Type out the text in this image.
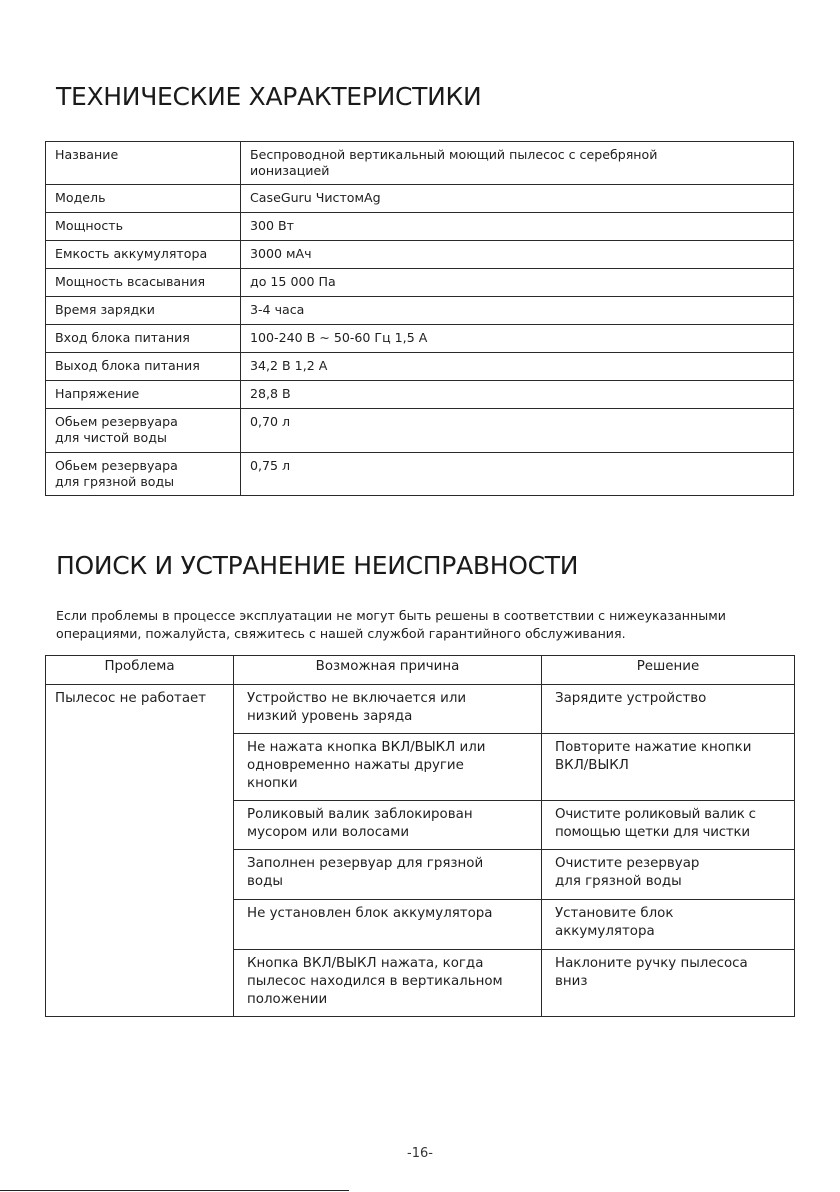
ТЕХНИЧЕСКИЕ ХАРАКТЕРИСТИКИ
Название	Беспроводной вертикальный моющий пылесос с серебряной ионизацией

Модель	CaseGuru ЧистомAg
Мощность	300 Вт
Емкость аккумулятора	3000 мАч
Мощность всасывания	до 15 000 Па
Время зарядки	3-4 часа
Вход блока питания	100-240 В ∼ 50-60 Гц 1,5 А
Выход блока питания	34,2 В 1,2 А
Напряжение	28,8 В

Обьем резервуара для чистой воды	0,70 л

Обьем резервуара для грязной воды	0,75 л
ПОИСК И УСТРАНЕНИЕ НЕИСПРАВНОСТИ
Если проблемы в процессе эксплуатации не могут быть решены в соответствии с нижеуказанными
операциями, пожалуйста, свяжитесь с нашей службой гарантийного обслуживания.
Проблема	Возможная причина	Решение
Пылесос не работает	Устройство не включается или низкий уровень заряда	Зарядите устройство

	Не нажата кнопка ВКЛ/ВЫКЛ или одновременно нажаты другие кнопки	Повторите нажатие кнопки ВКЛ/ВЫКЛ

	Роликовый валик заблокирован мусором или волосами	Очистите роликовый валик с помощью щетки для чистки

	Заполнен резервуар для грязной воды	Очистите резервуар для грязной воды

	Не установлен блок аккумулятора	Установите блок аккумулятора

	Кнопка ВКЛ/ВЫКЛ нажата, когда пылесос находился в вертикальном положении	Наклоните ручку пылесоса вниз
-16-
